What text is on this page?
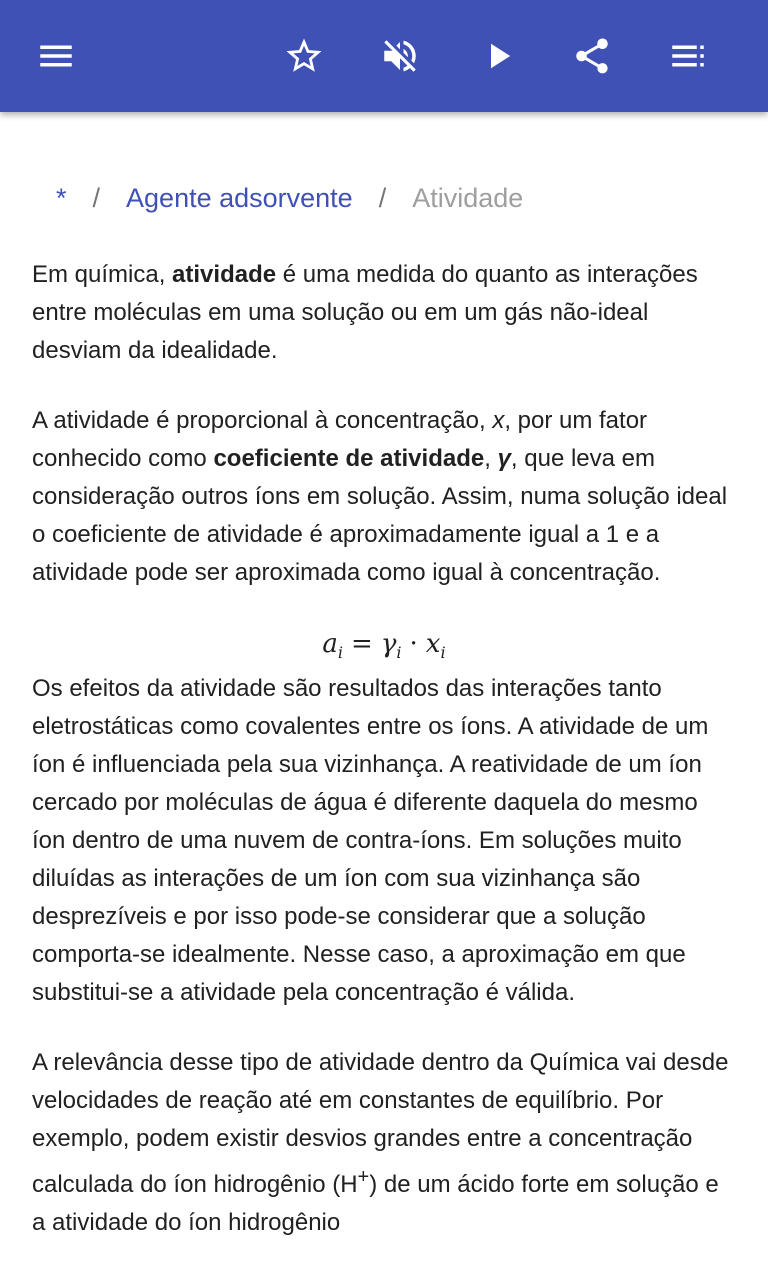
* / Agente adsorvente / Atividade

Em química, atividade é uma medida do quanto as interações entre moléculas em uma solução ou em um gás não-ideal desviam da idealidade.

A atividade é proporcional à concentração, x, por um fator conhecido como coeficiente de atividade, γ, que leva em consideração outros íons em solução. Assim, numa solução ideal o coeficiente de atividade é aproximadamente igual a 1 e a atividade pode ser aproximada como igual à concentração.

$a_i = \gamma_i \cdot x_i$

Os efeitos da atividade são resultados das interações tanto eletrostáticas como covalentes entre os íons. A atividade de um íon é influenciada pela sua vizinhança. A reatividade de um íon cercado por moléculas de água é diferente daquela do mesmo íon dentro de uma nuvem de contra-íons. Em soluções muito diluídas as interações de um íon com sua vizinhança são desprezíveis e por isso pode-se considerar que a solução comporta-se idealmente. Nesse caso, a aproximação em que substitui-se a atividade pela concentração é válida.

A relevância desse tipo de atividade dentro da Química vai desde velocidades de reação até em constantes de equilíbrio. Por exemplo, podem existir desvios grandes entre a concentração calculada do íon hidrogênio (H+) de um ácido forte em solução e a atividade do íon hidrogênio
